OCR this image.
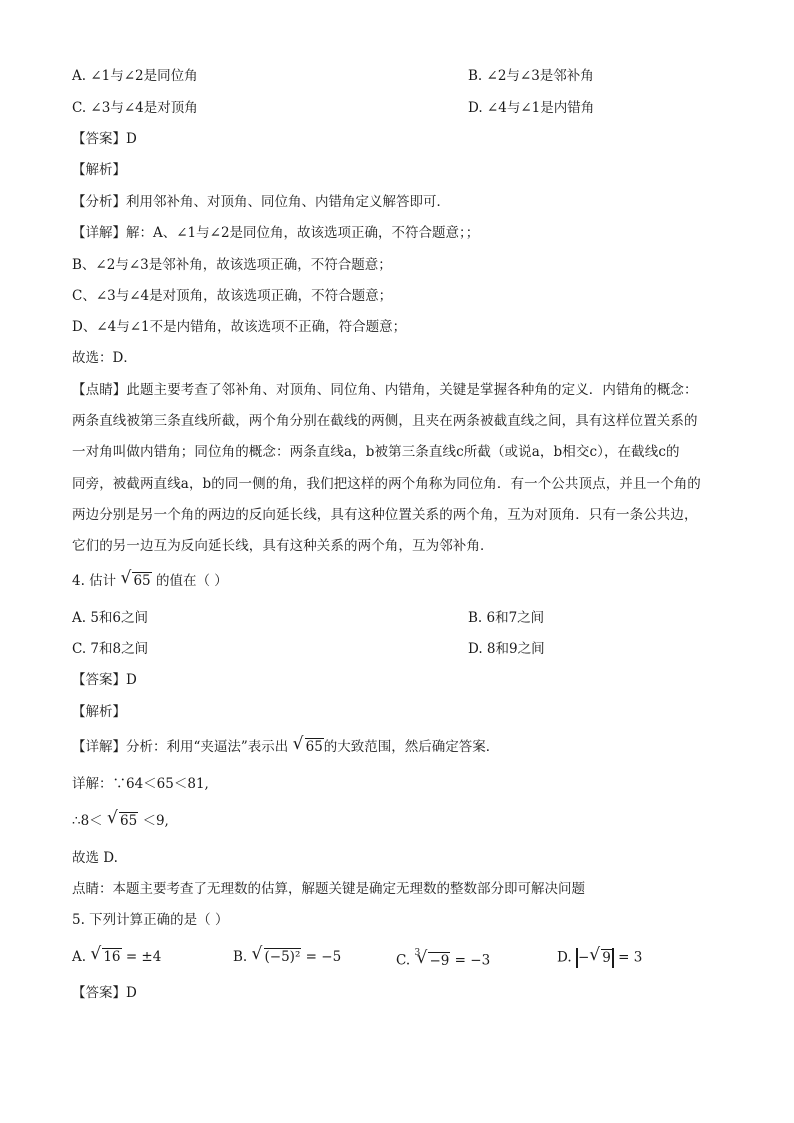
A. ∠1与∠2是同位角	B. ∠2与∠3是邻补角
C. ∠3与∠4是对顶角	D. ∠4与∠1是内错角
【答案】D
【解析】
【分析】利用邻补角、对顶角、同位角、内错角定义解答即可．
【详解】解：A、∠1与∠2是同位角，故该选项正确，不符合题意；；
B、∠2与∠3是邻补角，故该选项正确，不符合题意；
C、∠3与∠4是对顶角，故该选项正确，不符合题意；
D、∠4与∠1不是内错角，故该选项不正确，符合题意；
故选：D．
【点睛】此题主要考查了邻补角、对顶角、同位角、内错角，关键是掌握各种角的定义．内错角的概念：
两条直线被第三条直线所截，两个角分别在截线的两侧，且夹在两条被截直线之间，具有这样位置关系的
一对角叫做内错角；同位角的概念：两条直线a，b被第三条直线c所截（或说a，b相交c），在截线c的
同旁，被截两直线a，b的同一侧的角，我们把这样的两个角称为同位角．有一个公共顶点，并且一个角的
两边分别是另一个角的两边的反向延长线，具有这种位置关系的两个角，互为对顶角．只有一条公共边，
它们的另一边互为反向延长线，具有这种关系的两个角，互为邻补角．
4. 估计 √ 65 的值在（ ）
A. 5和6之间	B. 6和7之间
C. 7和8之间	D. 8和9之间
【答案】D
【解析】
【详解】分析：利用“夹逼法”表示出 √ 65的大致范围，然后确定答案．
详解：∵64＜65＜81,
∴8＜ √ 65 ＜9,
故选 D.
点睛：本题主要考查了无理数的估算，解题关键是确定无理数的整数部分即可解决问题
5. 下列计算正确的是（ ）
A. √ 16 = ±4	B. √ (−5)² = −5	C. $^3$ √ −9 = −3	D. − √ 9 = 3
【答案】D
